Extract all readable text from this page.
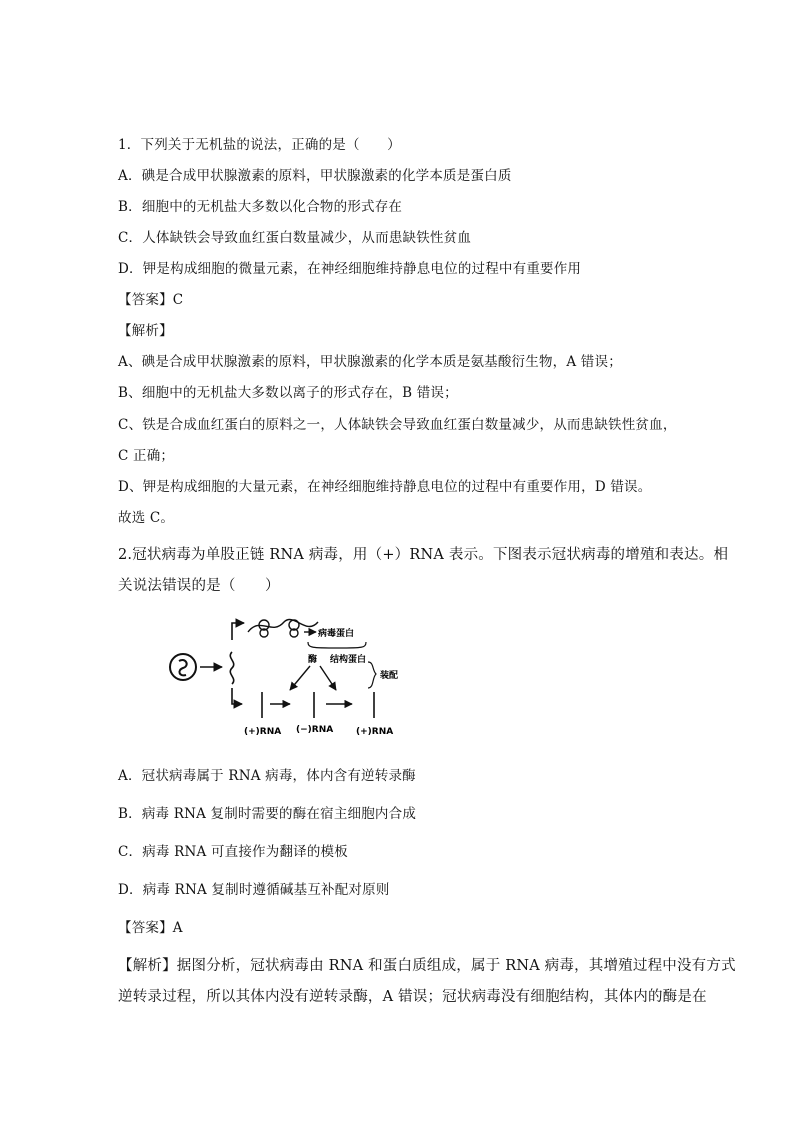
1．下列关于无机盐的说法，正确的是（　　）
A．碘是合成甲状腺激素的原料，甲状腺激素的化学本质是蛋白质
B．细胞中的无机盐大多数以化合物的形式存在
C．人体缺铁会导致血红蛋白数量减少，从而患缺铁性贫血
D．钾是构成细胞的微量元素，在神经细胞维持静息电位的过程中有重要作用
【答案】C
【解析】
A、碘是合成甲状腺激素的原料，甲状腺激素的化学本质是氨基酸衍生物，A 错误；
B、细胞中的无机盐大多数以离子的形式存在，B 错误；
C、铁是合成血红蛋白的原料之一，人体缺铁会导致血红蛋白数量减少，从而患缺铁性贫血，
C 正确；
D、钾是构成细胞的大量元素，在神经细胞维持静息电位的过程中有重要作用，D 错误。
故选 C。
2.冠状病毒为单股正链 RNA 病毒，用（+）RNA 表示。下图表示冠状病毒的增殖和表达。相
关说法错误的是（　　）
病毒蛋白
酶 结构蛋白
装配
(+)RNA (−)RNA	(+)RNA
A．冠状病毒属于 RNA 病毒，体内含有逆转录酶
B．病毒 RNA 复制时需要的酶在宿主细胞内合成
C．病毒 RNA 可直接作为翻译的模板
D．病毒 RNA 复制时遵循碱基互补配对原则
【答案】A
【解析】据图分析，冠状病毒由 RNA 和蛋白质组成，属于 RNA 病毒，其增殖过程中没有方式
逆转录过程，所以其体内没有逆转录酶，A 错误；冠状病毒没有细胞结构，其体内的酶是在
